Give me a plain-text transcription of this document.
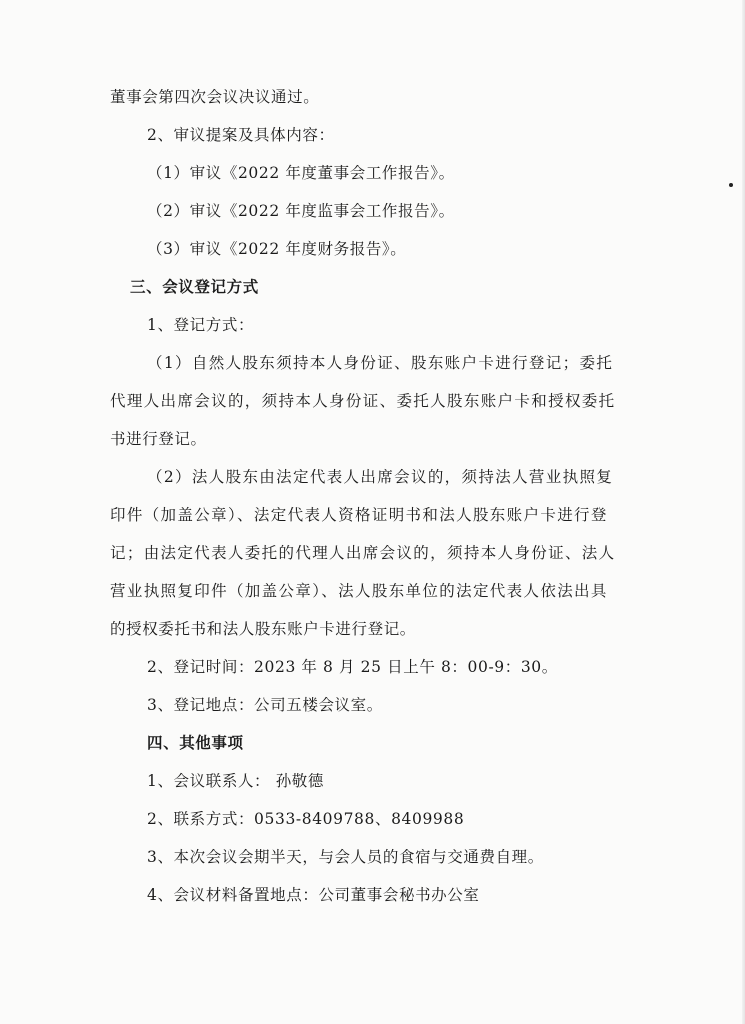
董事会第四次会议决议通过。
2、审议提案及具体内容：
（1）审议《2022 年度董事会工作报告》。
（2）审议《2022 年度监事会工作报告》。
（3）审议《2022 年度财务报告》。
三、会议登记方式
1、登记方式：
（1）自然人股东须持本人身份证、股东账户卡进行登记；委托
代理人出席会议的，须持本人身份证、委托人股东账户卡和授权委托
书进行登记。
（2）法人股东由法定代表人出席会议的，须持法人营业执照复
印件（加盖公章）、法定代表人资格证明书和法人股东账户卡进行登
记；由法定代表人委托的代理人出席会议的，须持本人身份证、法人
营业执照复印件（加盖公章）、法人股东单位的法定代表人依法出具
的授权委托书和法人股东账户卡进行登记。
2、登记时间：2023 年 8 月 25 日上午 8：00-9：30。
3、登记地点：公司五楼会议室。
四、其他事项
1、会议联系人： 孙敬德
2、联系方式：0533-8409788、8409988
3、本次会议会期半天，与会人员的食宿与交通费自理。
4、会议材料备置地点：公司董事会秘书办公室
